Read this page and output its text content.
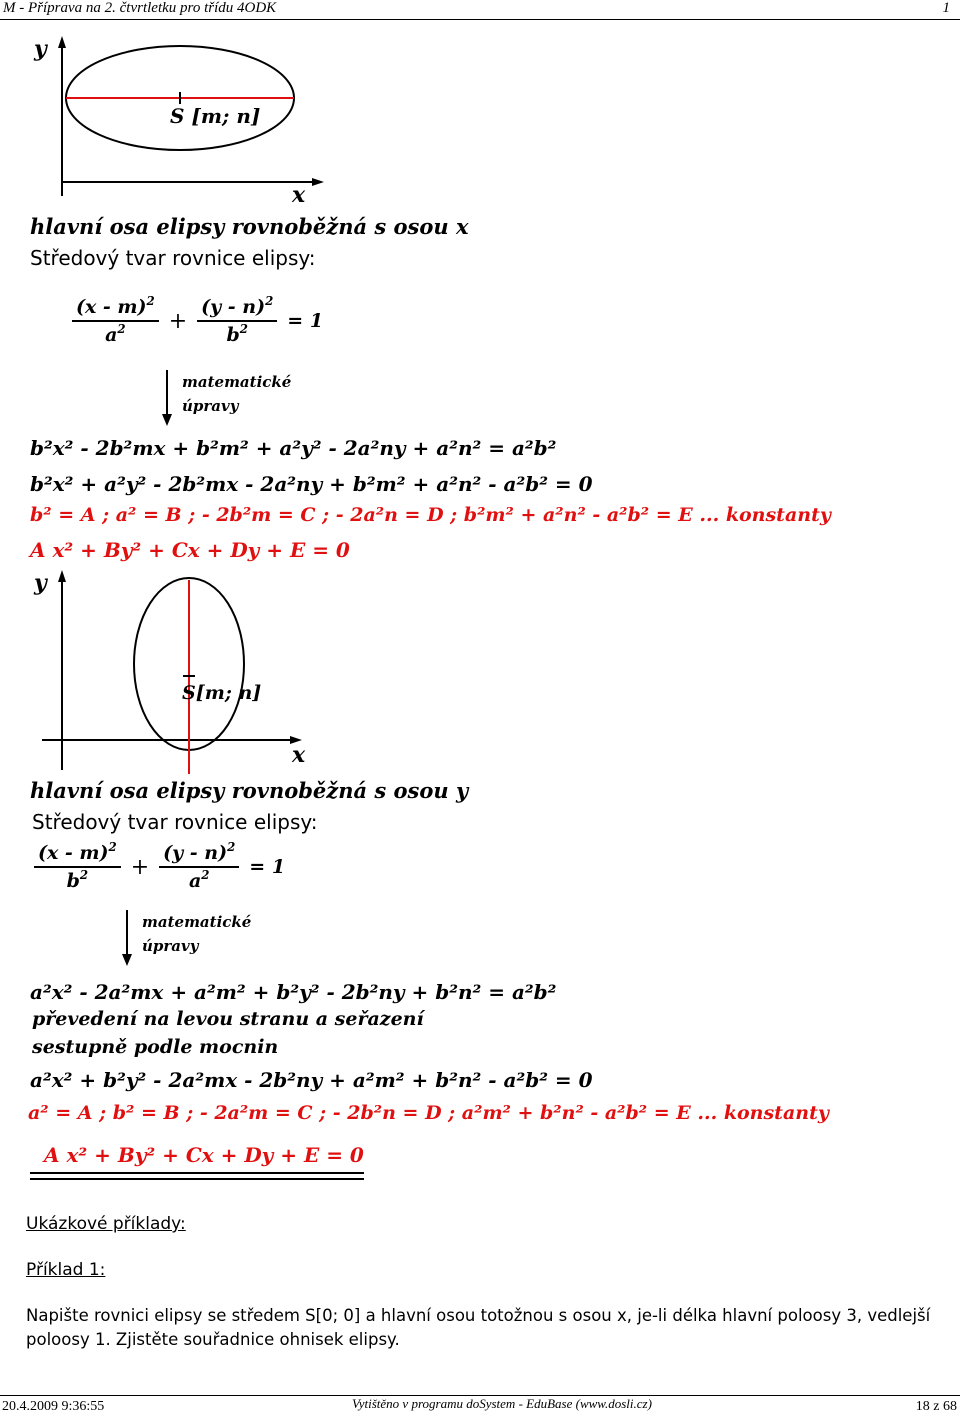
M - Příprava na 2. čtvrtletku pro třídu 4ODK	1
y
x
S [m; n]
hlavní osa elipsy rovnoběžná s osou x
Středový tvar rovnice elipsy:
$\frac{(x - m)^2}{a^2} + \frac{(y - n)^2}{b^2} = 1$
matematické
úpravy
b²x² - 2b²mx + b²m² + a²y² - 2a²ny + a²n² = a²b²
b²x² + a²y² - 2b²mx - 2a²ny + b²m² + a²n² - a²b² = 0
b² = A ; a² = B ; - 2b²m = C ; - 2a²n = D ; b²m² + a²n² - a²b² = E ... konstanty
A x² + By² + Cx + Dy + E = 0
y
x
S[m; n]
hlavní osa elipsy rovnoběžná s osou y
Středový tvar rovnice elipsy:
$\frac{(x - m)^2}{b^2} + \frac{(y - n)^2}{a^2} = 1$
matematické
úpravy
a²x² - 2a²mx + a²m² + b²y² - 2b²ny + b²n² = a²b²
převedení na levou stranu a seřazení
sestupně podle mocnin
a²x² + b²y² - 2a²mx - 2b²ny + a²m² + b²n² - a²b² = 0
a² = A ; b² = B ; - 2a²m = C ; - 2b²n = D ; a²m² + b²n² - a²b² = E ... konstanty
A x² + By² + Cx + Dy + E = 0
Ukázkové příklady:
Příklad 1:
Napište rovnici elipsy se středem S[0; 0] a hlavní osou totožnou s osou x, je-li délka hlavní poloosy 3, vedlejší poloosy 1. Zjistěte souřadnice ohnisek elipsy.
20.4.2009 9:36:55	Vytištěno v programu doSystem - EduBase (www.dosli.cz)	18 z 68
